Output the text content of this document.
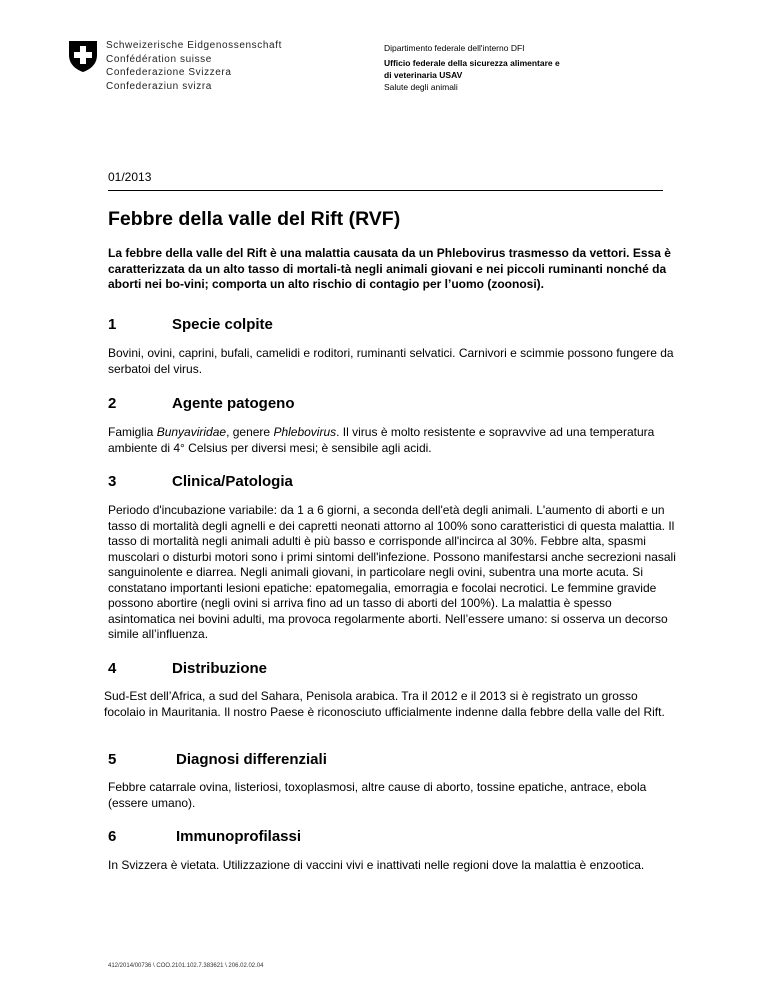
Schweizerische Eidgenossenschaft
Confédération suisse
Confederazione Svizzera
Confederaziun svizra
Dipartimento federale dell'interno DFI
Ufficio federale della sicurezza alimentare e
di veterinaria USAV
Salute degli animali
01/2013
Febbre della valle del Rift (RVF)
La febbre della valle del Rift è una malattia causata da un Phlebovirus trasmesso da vettori. Essa è caratterizzata da un alto tasso di mortali-tà negli animali giovani e nei piccoli ruminanti nonché da aborti nei bo-vini; comporta un alto rischio di contagio per l’uomo (zoonosi).
1	Specie colpite
Bovini, ovini, caprini, bufali, camelidi e roditori, ruminanti selvatici. Carnivori e scimmie possono fungere da serbatoi del virus.
2	Agente patogeno
Famiglia Bunyaviridae, genere Phlebovirus. Il virus è molto resistente e sopravvive ad una temperatura ambiente di 4° Celsius per diversi mesi; è sensibile agli acidi.
3	Clinica/Patologia
Periodo d'incubazione variabile: da 1 a 6 giorni, a seconda dell'età degli animali. L'aumento di aborti e un tasso di mortalità degli agnelli e dei capretti neonati attorno al 100% sono caratteristici di questa malattia. Il tasso di mortalità negli animali adulti è più basso e corrisponde all'incirca al 30%. Febbre alta, spasmi muscolari o disturbi motori sono i primi sintomi dell'infezione. Possono manifestarsi anche secrezioni nasali sanguinolente e diarrea. Negli animali giovani, in particolare negli ovini, subentra una morte acuta. Si constatano importanti lesioni epatiche: epatomegalia, emorragia e focolai necrotici. Le femmine gravide possono abortire (negli ovini si arriva fino ad un tasso di aborti del 100%). La malattia è spesso asintomatica nei bovini adulti, ma provoca regolarmente aborti. Nell’essere umano: si osserva un decorso simile all’influenza.
4	Distribuzione
Sud-Est dell’Africa, a sud del Sahara, Penisola arabica. Tra il 2012 e il 2013 si è registrato un grosso focolaio in Mauritania. Il nostro Paese è riconosciuto ufficialmente indenne dalla febbre della valle del Rift.
5	Diagnosi differenziali
Febbre catarrale ovina, listeriosi, toxoplasmosi, altre cause di aborto, tossine epatiche, antrace, ebola (essere umano).
6	Immunoprofilassi
In Svizzera è vietata. Utilizzazione di vaccini vivi e inattivati nelle regioni dove la malattia è enzootica.
412/2014/00736 \ COO.2101.102.7.383621 \ 206.02.02.04
